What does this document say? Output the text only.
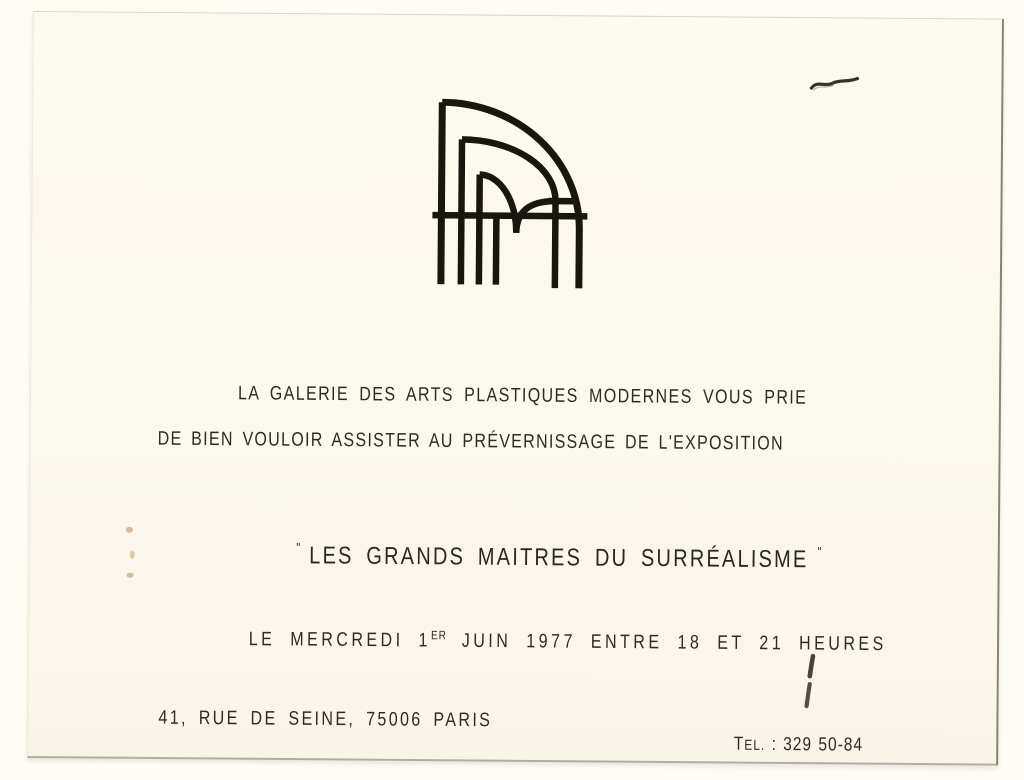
LA GALERIE DES ARTS PLASTIQUES MODERNES VOUS PRIE
DE BIEN VOULOIR ASSISTER AU PRÉVERNISSAGE DE L'EXPOSITION

" LES GRANDS MAITRES DU SURRÉALISME "

LE MERCREDI 1ER JUIN 1977 ENTRE 18 ET 21 HEURES

41, RUE DE SEINE, 75006 PARIS

TEL. : 329 50-84
